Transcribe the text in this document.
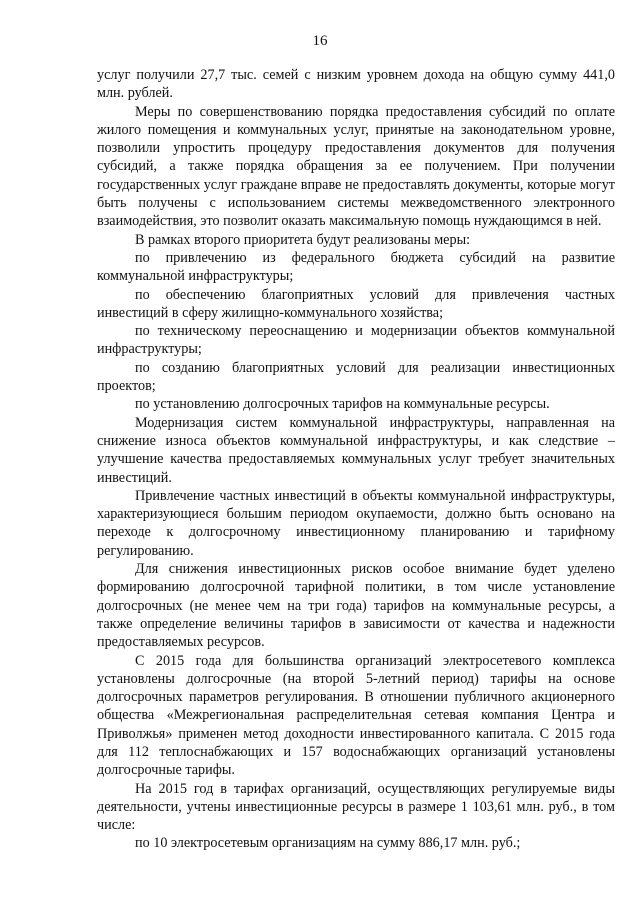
16

услуг получили 27,7 тыс. семей с низким уровнем дохода на общую сумму 441,0 млн. рублей.

Меры по совершенствованию порядка предоставления субсидий по оплате жилого помещения и коммунальных услуг, принятые на законодательном уровне, позволили упростить процедуру предоставления документов для получения субсидий, а также порядка обращения за ее получением. При получении государственных услуг граждане вправе не предоставлять документы, которые могут быть получены с использованием системы межведомственного электронного взаимодействия, это позволит оказать максимальную помощь нуждающимся в ней.

В рамках второго приоритета будут реализованы меры:

по привлечению из федерального бюджета субсидий на развитие коммунальной инфраструктуры;

по обеспечению благоприятных условий для привлечения частных инвестиций в сферу жилищно-коммунального хозяйства;

по техническому переоснащению и модернизации объектов коммунальной инфраструктуры;

по созданию благоприятных условий для реализации инвестиционных проектов;

по установлению долгосрочных тарифов на коммунальные ресурсы.

Модернизация систем коммунальной инфраструктуры, направленная на снижение износа объектов коммунальной инфраструктуры, и как следствие – улучшение качества предоставляемых коммунальных услуг требует значительных инвестиций.

Привлечение частных инвестиций в объекты коммунальной инфраструктуры, характеризующиеся большим периодом окупаемости, должно быть основано на переходе к долгосрочному инвестиционному планированию и тарифному регулированию.

Для снижения инвестиционных рисков особое внимание будет уделено формированию долгосрочной тарифной политики, в том числе установление долгосрочных (не менее чем на три года) тарифов на коммунальные ресурсы, а также определение величины тарифов в зависимости от качества и надежности предоставляемых ресурсов.

С 2015 года для большинства организаций электросетевого комплекса установлены долгосрочные (на второй 5-летний период) тарифы на основе долгосрочных параметров регулирования. В отношении публичного акционерного общества «Межрегиональная распределительная сетевая компания Центра и Приволжья» применен метод доходности инвестированного капитала. С 2015 года для 112 теплоснабжающих и 157 водоснабжающих организаций установлены долгосрочные тарифы.

На 2015 год в тарифах организаций, осуществляющих регулируемые виды деятельности, учтены инвестиционные ресурсы в размере 1 103,61 млн. руб., в том числе:

по 10 электросетевым организациям на сумму 886,17 млн. руб.;
